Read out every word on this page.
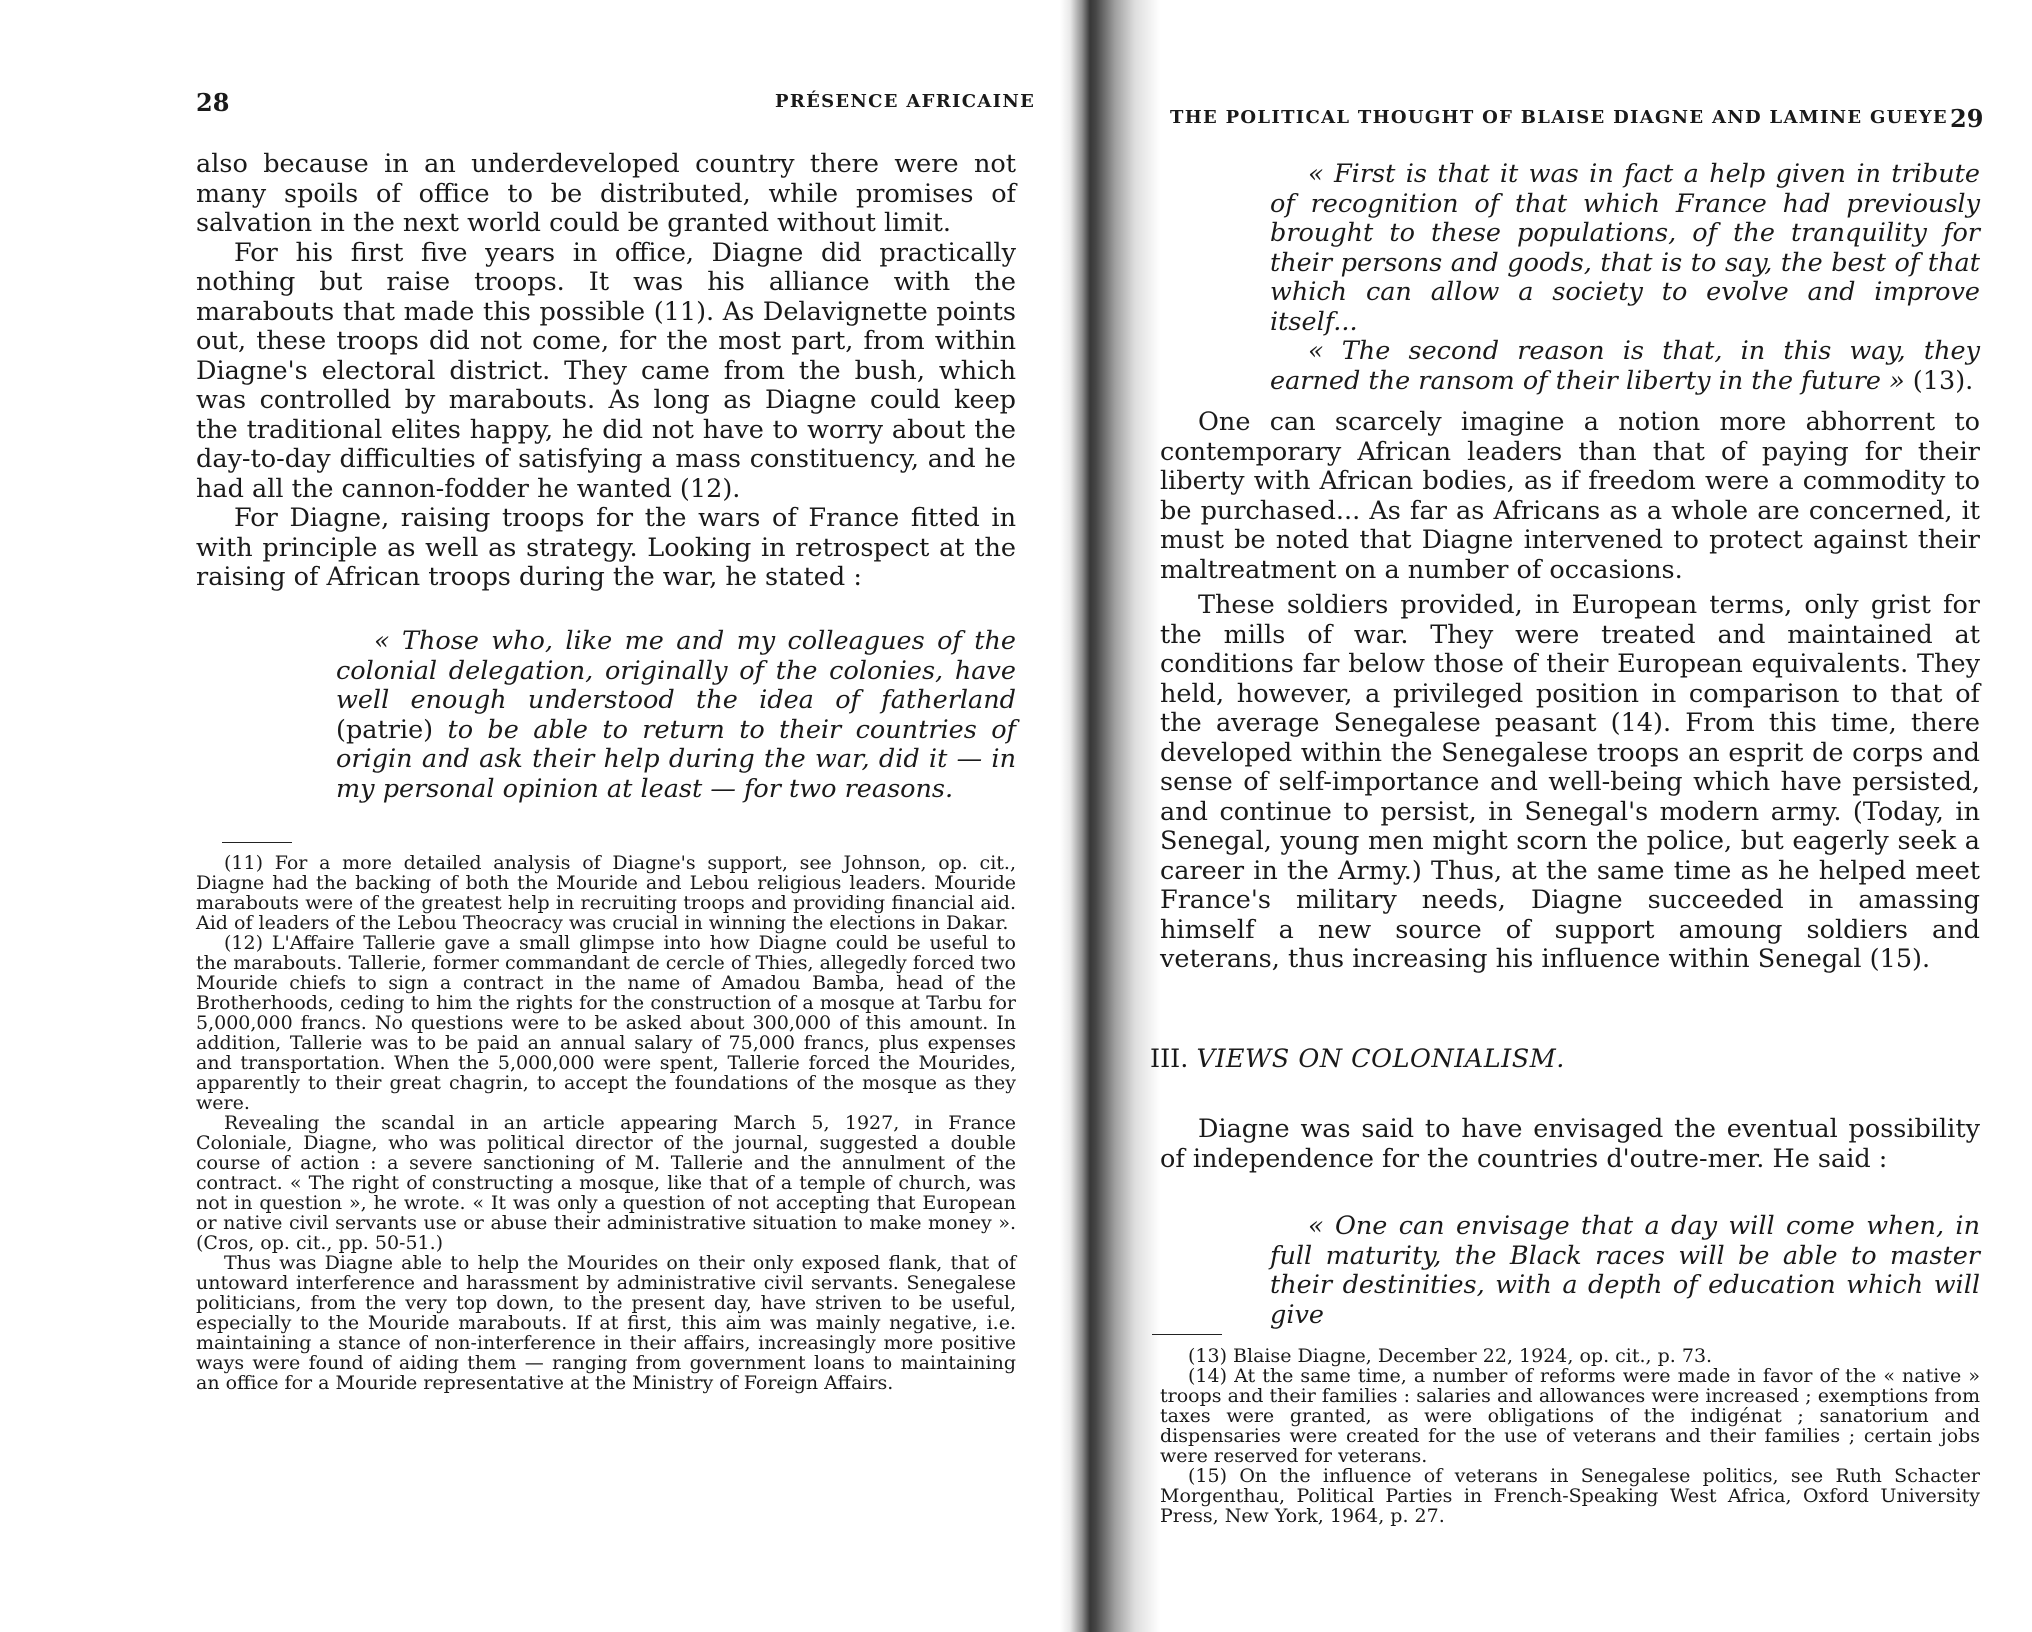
28	PRÉSENCE AFRICAINE

also because in an underdeveloped country there were not many spoils of office to be distributed, while promises of salvation in the next world could be granted without limit.

For his first five years in office, Diagne did practically nothing but raise troops. It was his alliance with the marabouts that made this possible (11). As Delavignette points out, these troops did not come, for the most part, from within Diagne's electoral district. They came from the bush, which was controlled by marabouts. As long as Diagne could keep the traditional elites happy, he did not have to worry about the day-to-day difficulties of satisfying a mass constituency, and he had all the cannon-fodder he wanted (12).

For Diagne, raising troops for the wars of France fitted in with principle as well as strategy. Looking in retrospect at the raising of African troops during the war, he stated :

« Those who, like me and my colleagues of the colonial delegation, originally of the colonies, have well enough understood the idea of fatherland (patrie) to be able to return to their countries of origin and ask their help during the war, did it — in my personal opinion at least — for two reasons.

(11) For a more detailed analysis of Diagne's support, see Johnson, op. cit., Diagne had the backing of both the Mouride and Lebou religious leaders. Mouride marabouts were of the greatest help in recruiting troops and providing financial aid. Aid of leaders of the Lebou Theocracy was crucial in winning the elections in Dakar.

(12) L'Affaire Tallerie gave a small glimpse into how Diagne could be useful to the marabouts. Tallerie, former commandant de cercle of Thies, allegedly forced two Mouride chiefs to sign a contract in the name of Amadou Bamba, head of the Brotherhoods, ceding to him the rights for the construction of a mosque at Tarbu for 5,000,000 francs. No questions were to be asked about 300,000 of this amount. In addition, Tallerie was to be paid an annual salary of 75,000 francs, plus expenses and transportation. When the 5,000,000 were spent, Tallerie forced the Mourides, apparently to their great chagrin, to accept the foundations of the mosque as they were.

Revealing the scandal in an article appearing March 5, 1927, in France Coloniale, Diagne, who was political director of the journal, suggested a double course of action : a severe sanctioning of M. Tallerie and the annulment of the contract. « The right of constructing a mosque, like that of a temple of church, was not in question », he wrote. « It was only a question of not accepting that European or native civil servants use or abuse their administrative situation to make money ». (Cros, op. cit., pp. 50-51.)

Thus was Diagne able to help the Mourides on their only exposed flank, that of untoward interference and harassment by administrative civil servants. Senegalese politicians, from the very top down, to the present day, have striven to be useful, especially to the Mouride marabouts. If at first, this aim was mainly negative, i.e. maintaining a stance of non-interference in their affairs, increasingly more positive ways were found of aiding them — ranging from government loans to maintaining an office for a Mouride representative at the Ministry of Foreign Affairs.

THE POLITICAL THOUGHT OF BLAISE DIAGNE AND LAMINE GUEYE 29

« First is that it was in fact a help given in tribute of recognition of that which France had previously brought to these populations, of the tranquility for their persons and goods, that is to say, the best of that which can allow a society to evolve and improve itself...

« The second reason is that, in this way, they earned the ransom of their liberty in the future » (13).

One can scarcely imagine a notion more abhorrent to contemporary African leaders than that of paying for their liberty with African bodies, as if freedom were a commodity to be purchased... As far as Africans as a whole are concerned, it must be noted that Diagne intervened to protect against their maltreatment on a number of occasions.

These soldiers provided, in European terms, only grist for the mills of war. They were treated and maintained at conditions far below those of their European equivalents. They held, however, a privileged position in comparison to that of the average Senegalese peasant (14). From this time, there developed within the Senegalese troops an esprit de corps and sense of self-importance and well-being which have persisted, and continue to persist, in Senegal's modern army. (Today, in Senegal, young men might scorn the police, but eagerly seek a career in the Army.) Thus, at the same time as he helped meet France's military needs, Diagne succeeded in amassing himself a new source of support amoung soldiers and veterans, thus increasing his influence within Senegal (15).

III. VIEWS ON COLONIALISM.

Diagne was said to have envisaged the eventual possibility of independence for the countries d'outre-mer. He said :

« One can envisage that a day will come when, in full maturity, the Black races will be able to master their destinities, with a depth of education which will give

(13) Blaise Diagne, December 22, 1924, op. cit., p. 73.

(14) At the same time, a number of reforms were made in favor of the « native » troops and their families : salaries and allowances were increased ; exemptions from taxes were granted, as were obligations of the indigénat ; sanatorium and dispensaries were created for the use of veterans and their families ; certain jobs were reserved for veterans.

(15) On the influence of veterans in Senegalese politics, see Ruth Schacter Morgenthau, Political Parties in French-Speaking West Africa, Oxford University Press, New York, 1964, p. 27.
